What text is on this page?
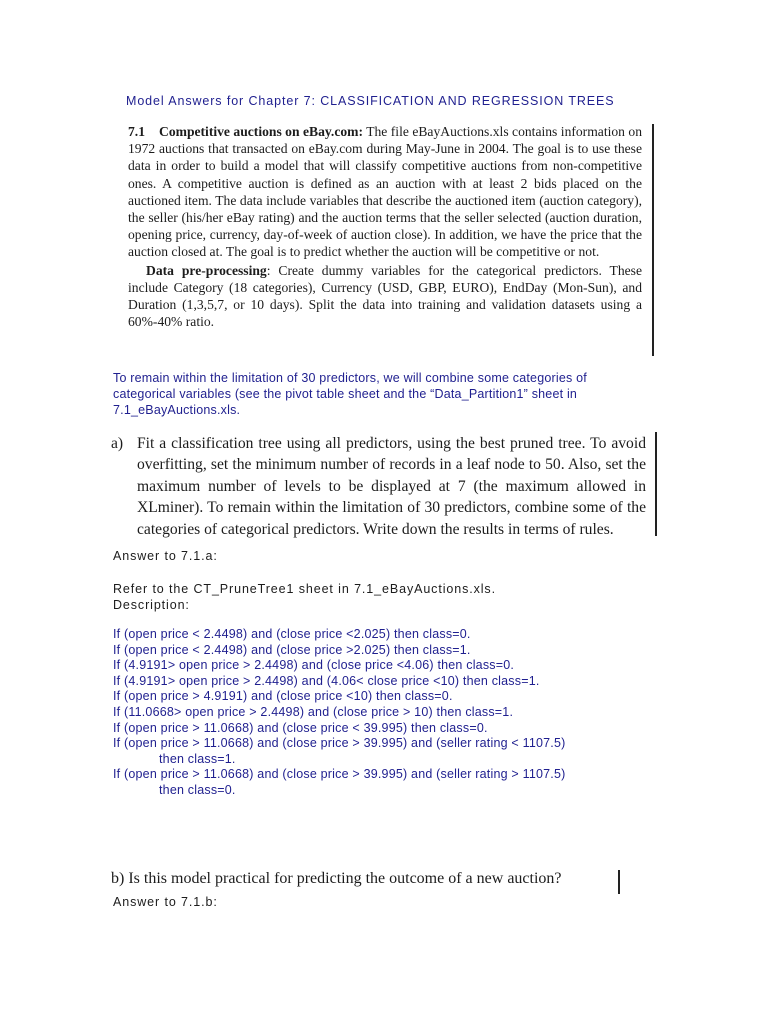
Model Answers for Chapter 7: CLASSIFICATION AND REGRESSION TREES

7.1 Competitive auctions on eBay.com: The file eBayAuctions.xls contains information on 1972 auctions that transacted on eBay.com during May-June in 2004. The goal is to use these data in order to build a model that will classify competitive auctions from non-competitive ones. A competitive auction is defined as an auction with at least 2 bids placed on the auctioned item. The data include variables that describe the auctioned item (auction category), the seller (his/her eBay rating) and the auction terms that the seller selected (auction duration, opening price, currency, day-of-week of auction close). In addition, we have the price that the auction closed at. The goal is to predict whether the auction will be competitive or not.

Data pre-processing: Create dummy variables for the categorical predictors. These include Category (18 categories), Currency (USD, GBP, EURO), EndDay (Mon-Sun), and Duration (1,3,5,7, or 10 days). Split the data into training and validation datasets using a 60%-40% ratio.

To remain within the limitation of 30 predictors, we will combine some categories of categorical variables (see the pivot table sheet and the “Data_Partition1” sheet in 7.1_eBayAuctions.xls.
a) Fit a classification tree using all predictors, using the best pruned tree. To avoid overfitting, set the minimum number of records in a leaf node to 50. Also, set the maximum number of levels to be displayed at 7 (the maximum allowed in XLminer). To remain within the limitation of 30 predictors, combine some of the categories of categorical predictors. Write down the results in terms of rules.

Answer to 7.1.a:
Refer to the CT_PruneTree1 sheet in 7.1_eBayAuctions.xls.
Description:
If (open price < 2.4498) and (close price <2.025) then class=0.
If (open price < 2.4498) and (close price >2.025) then class=1.
If (4.9191> open price > 2.4498) and (close price <4.06) then class=0.
If (4.9191> open price > 2.4498) and (4.06< close price <10) then class=1.
If (open price > 4.9191) and (close price <10) then class=0.
If (11.0668> open price > 2.4498) and (close price > 10) then class=1.
If (open price > 11.0668) and (close price < 39.995) then class=0.
If (open price > 11.0668) and (close price > 39.995) and (seller rating < 1107.5)
then class=1.
If (open price > 11.0668) and (close price > 39.995) and (seller rating > 1107.5)
then class=0.
b) Is this model practical for predicting the outcome of a new auction?
Answer to 7.1.b:
